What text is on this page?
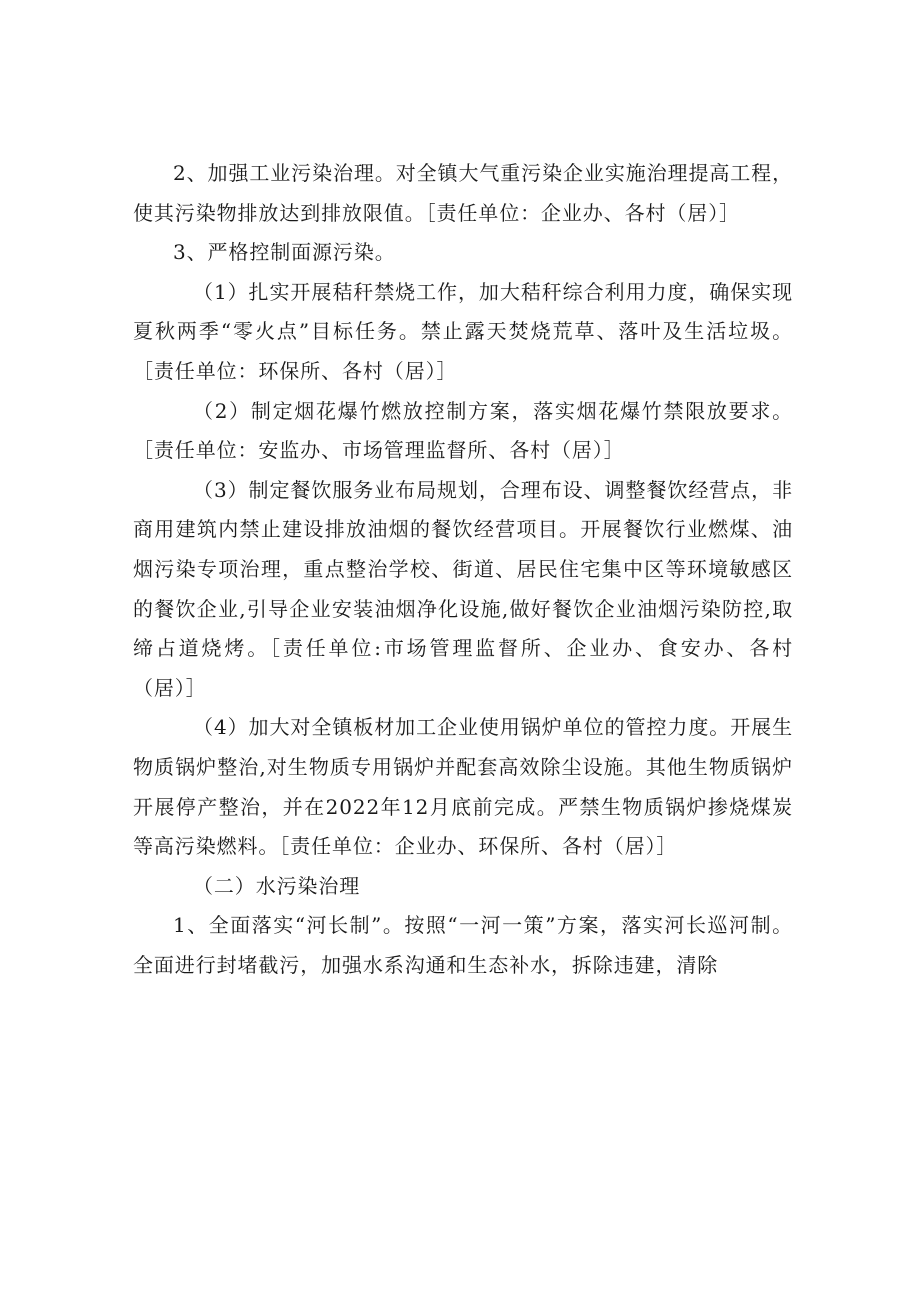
2、加强工业污染治理。对全镇大气重污染企业实施治理提高工程，使其污染物排放达到排放限值。［责任单位：企业办、各村（居）］

3、严格控制面源污染。

（1）扎实开展秸秆禁烧工作，加大秸秆综合利用力度，确保实现夏秋两季“零火点”目标任务。禁止露天焚烧荒草、落叶及生活垃圾。［责任单位：环保所、各村（居）］

（2）制定烟花爆竹燃放控制方案，落实烟花爆竹禁限放要求。［责任单位：安监办、市场管理监督所、各村（居）］

（3）制定餐饮服务业布局规划，合理布设、调整餐饮经营点，非商用建筑内禁止建设排放油烟的餐饮经营项目。开展餐饮行业燃煤、油烟污染专项治理，重点整治学校、街道、居民住宅集中区等环境敏感区的餐饮企业,引导企业安装油烟净化设施,做好餐饮企业油烟污染防控,取缔占道烧烤。［责任单位:市场管理监督所、企业办、食安办、各村（居）］

（4）加大对全镇板材加工企业使用锅炉单位的管控力度。开展生物质锅炉整治,对生物质专用锅炉并配套高效除尘设施。其他生物质锅炉开展停产整治，并在2022年12月底前完成。严禁生物质锅炉掺烧煤炭等高污染燃料。［责任单位：企业办、环保所、各村（居）］

（二）水污染治理

1、全面落实“河长制”。按照“一河一策”方案，落实河长巡河制。全面进行封堵截污，加强水系沟通和生态补水，拆除违建，清除
